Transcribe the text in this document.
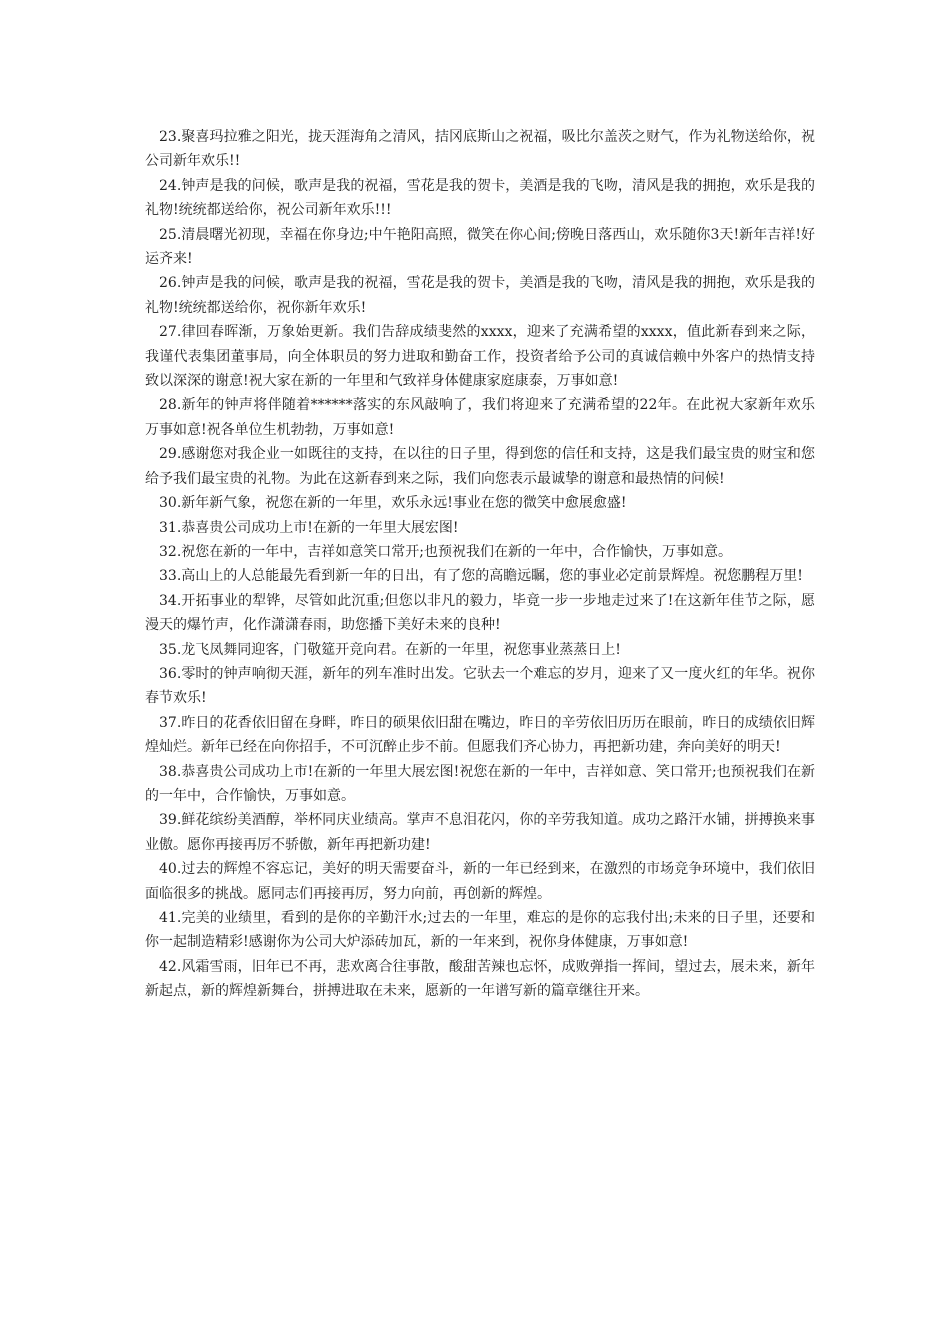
23.聚喜玛拉雅之阳光，拢天涯海角之清风，拮冈底斯山之祝福，吸比尔盖茨之财气，作为礼物送给你，祝公司新年欢乐!!

24.钟声是我的问候，歌声是我的祝福，雪花是我的贺卡，美酒是我的飞吻，清风是我的拥抱，欢乐是我的礼物!统统都送给你，祝公司新年欢乐!!!

25.清晨曙光初现，幸福在你身边;中午艳阳高照，微笑在你心间;傍晚日落西山，欢乐随你3天!新年吉祥!好运齐来!

26.钟声是我的问候，歌声是我的祝福，雪花是我的贺卡，美酒是我的飞吻，清风是我的拥抱，欢乐是我的礼物!统统都送给你，祝你新年欢乐!

27.律回春晖渐，万象始更新。我们告辞成绩斐然的xxxx，迎来了充满希望的xxxx，值此新春到来之际，我谨代表集团董事局，向全体职员的努力进取和勤奋工作，投资者给予公司的真诚信赖中外客户的热情支持致以深深的谢意!祝大家在新的一年里和气致祥身体健康家庭康泰，万事如意!

28.新年的钟声将伴随着******落实的东风敲响了，我们将迎来了充满希望的22年。在此祝大家新年欢乐万事如意!祝各单位生机勃勃，万事如意!

29.感谢您对我企业一如既往的支持，在以往的日子里，得到您的信任和支持，这是我们最宝贵的财宝和您给予我们最宝贵的礼物。为此在这新春到来之际，我们向您表示最诚挚的谢意和最热情的问候!

30.新年新气象，祝您在新的一年里，欢乐永远!事业在您的微笑中愈展愈盛!

31.恭喜贵公司成功上市!在新的一年里大展宏图!

32.祝您在新的一年中，吉祥如意笑口常开;也预祝我们在新的一年中，合作愉快，万事如意。

33.高山上的人总能最先看到新一年的日出，有了您的高瞻远瞩，您的事业必定前景辉煌。祝您鹏程万里!

34.开拓事业的犁铧，尽管如此沉重;但您以非凡的毅力，毕竟一步一步地走过来了!在这新年佳节之际，愿漫天的爆竹声，化作潇潇春雨，助您播下美好未来的良种!

35.龙飞凤舞同迎客，门敬筵开竞向君。在新的一年里，祝您事业蒸蒸日上!

36.零时的钟声响彻天涯，新年的列车准时出发。它驮去一个难忘的岁月，迎来了又一度火红的年华。祝你春节欢乐!

37.昨日的花香依旧留在身畔，昨日的硕果依旧甜在嘴边，昨日的辛劳依旧历历在眼前，昨日的成绩依旧辉煌灿烂。新年已经在向你招手，不可沉醉止步不前。但愿我们齐心协力，再把新功建，奔向美好的明天!

38.恭喜贵公司成功上市!在新的一年里大展宏图!祝您在新的一年中，吉祥如意、笑口常开;也预祝我们在新的一年中，合作愉快，万事如意。

39.鲜花缤纷美酒醇，举杯同庆业绩高。掌声不息泪花闪，你的辛劳我知道。成功之路汗水铺，拼搏换来事业傲。愿你再接再厉不骄傲，新年再把新功建!

40.过去的辉煌不容忘记，美好的明天需要奋斗，新的一年已经到来，在激烈的市场竞争环境中，我们依旧面临很多的挑战。愿同志们再接再厉，努力向前，再创新的辉煌。

41.完美的业绩里，看到的是你的辛勤汗水;过去的一年里，难忘的是你的忘我付出;未来的日子里，还要和你一起制造精彩!感谢你为公司大炉添砖加瓦，新的一年来到，祝你身体健康，万事如意!

42.风霜雪雨，旧年已不再，悲欢离合往事散，酸甜苦辣也忘怀，成败弹指一挥间，望过去，展未来，新年新起点，新的辉煌新舞台，拼搏进取在未来，愿新的一年谱写新的篇章继往开来。
